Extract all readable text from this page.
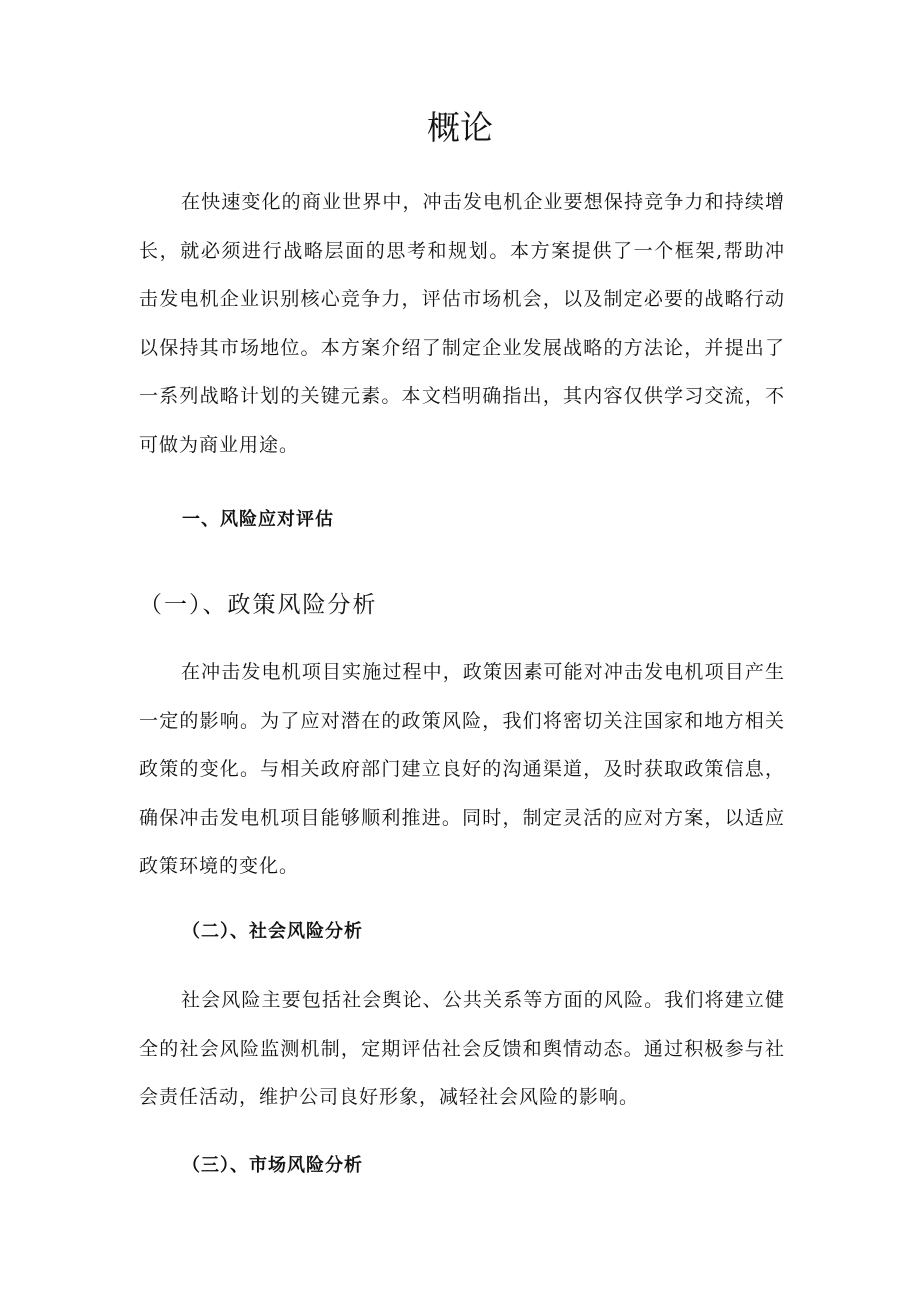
概论

在快速变化的商业世界中，冲击发电机企业要想保持竞争力和持续增长，就必须进行战略层面的思考和规划。本方案提供了一个框架,帮助冲击发电机企业识别核心竞争力，评估市场机会，以及制定必要的战略行动以保持其市场地位。本方案介绍了制定企业发展战略的方法论，并提出了一系列战略计划的关键元素。本文档明确指出，其内容仅供学习交流，不可做为商业用途。

一、风险应对评估
（一）、政策风险分析

在冲击发电机项目实施过程中，政策因素可能对冲击发电机项目产生一定的影响。为了应对潜在的政策风险，我们将密切关注国家和地方相关政策的变化。与相关政府部门建立良好的沟通渠道，及时获取政策信息，确保冲击发电机项目能够顺利推进。同时，制定灵活的应对方案，以适应政策环境的变化。

（二）、社会风险分析

社会风险主要包括社会舆论、公共关系等方面的风险。我们将建立健全的社会风险监测机制，定期评估社会反馈和舆情动态。通过积极参与社会责任活动，维护公司良好形象，减轻社会风险的影响。

（三）、市场风险分析
